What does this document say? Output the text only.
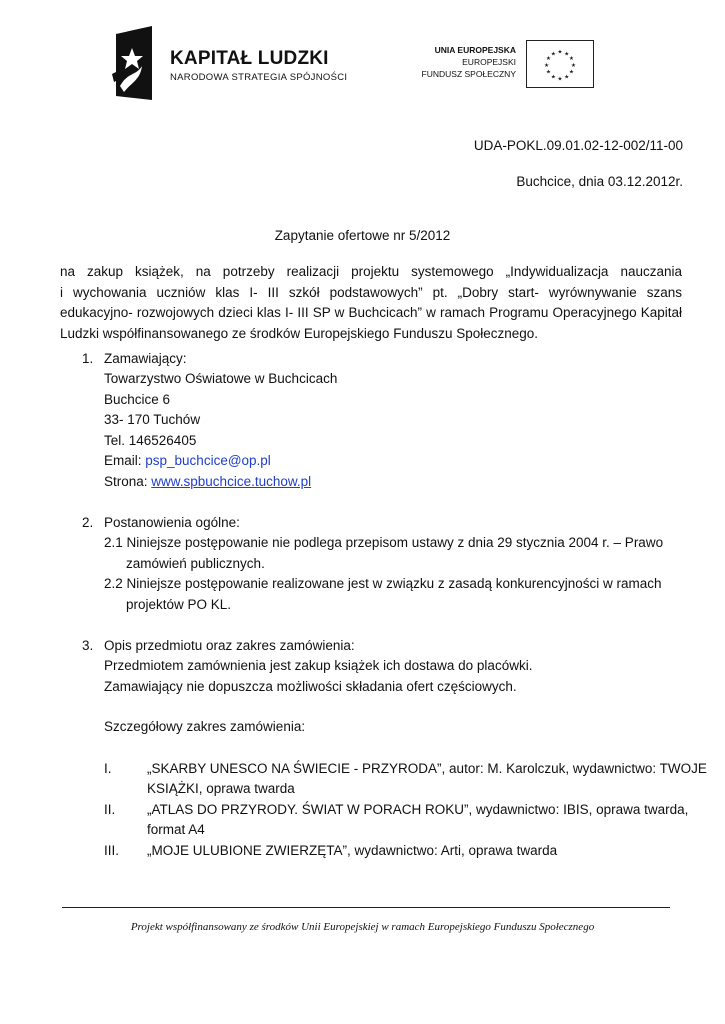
KAPITAŁ LUDZKI
NARODOWA STRATEGIA SPÓJNOŚCI
UNIA EUROPEJSKA
EUROPEJSKI
FUNDUSZ SPOŁECZNY
★ ★
★
★
★
★
★
★
★
★
★
★
UDA-POKL.09.01.02-12-002/11-00
Buchcice, dnia 03.12.2012r.
Zapytanie ofertowe nr 5/2012
na zakup książek, na potrzeby realizacji projektu systemowego „Indywidualizacja nauczania
i wychowania uczniów klas I- III szkół podstawowych” pt. „Dobry start- wyrównywanie szans
edukacyjno- rozwojowych dzieci klas I- III SP w Buchcicach” w ramach Programu Operacyjnego Kapitał
Ludzki współfinansowanego ze środków Europejskiego Funduszu Społecznego.
1. Zamawiający:
Towarzystwo Oświatowe w Buchcicach
Buchcice 6
33- 170 Tuchów
Tel. 146526405
Email: psp_buchcice@op.pl
Strona: www.spbuchcice.tuchow.pl
2. Postanowienia ogólne:
2.1 Niniejsze postępowanie nie podlega przepisom ustawy z dnia 29 stycznia 2004 r. – Prawo
zamówień publicznych.
2.2 Niniejsze postępowanie realizowane jest w związku z zasadą konkurencyjności w ramach
projektów PO KL.
3. Opis przedmiotu oraz zakres zamówienia:
Przedmiotem zamównienia jest zakup książek ich dostawa do placówki.
Zamawiający nie dopuszcza możliwości składania ofert częściowych.
Szczegółowy zakres zamówienia:
I.	„SKARBY UNESCO NA ŚWIECIE - PRZYRODA”, autor: M. Karolczuk, wydawnictwo: TWOJE
KSIĄŻKI, oprawa twarda
II. „ATLAS DO PRZYRODY. ŚWIAT W PORACH ROKU”, wydawnictwo: IBIS, oprawa twarda,
format A4
III. „MOJE ULUBIONE ZWIERZĘTA”, wydawnictwo: Arti, oprawa twarda
Projekt współfinansowany ze środków Unii Europejskiej w ramach Europejskiego Funduszu Społecznego
